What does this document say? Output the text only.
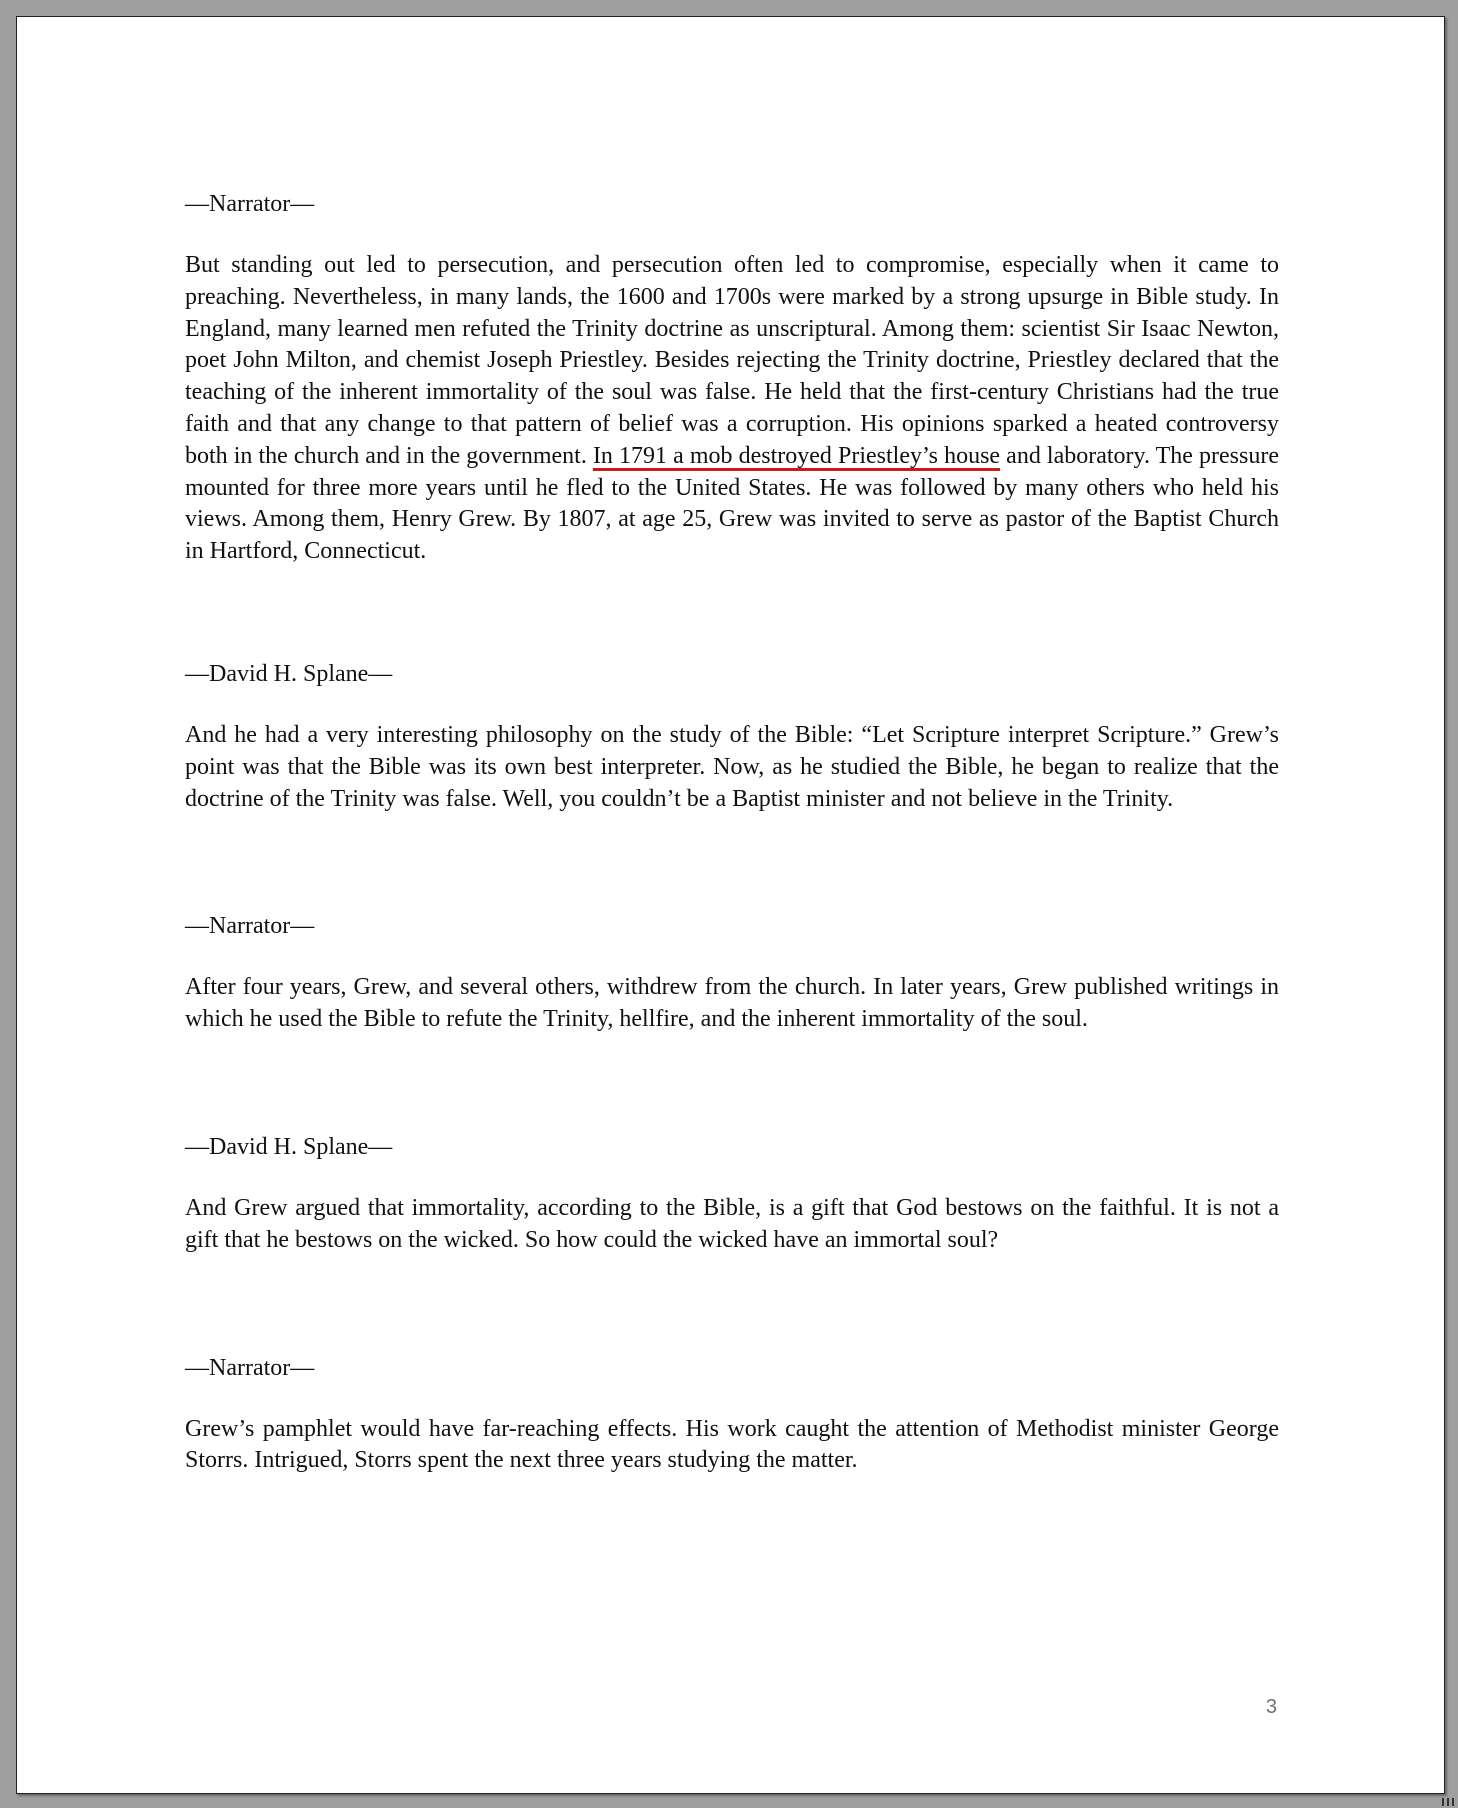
—Narrator—

But standing out led to persecution, and persecution often led to compromise, especially when it came to preaching. Nevertheless, in many lands, the 1600 and 1700s were marked by a strong upsurge in Bible study. In England, many learned men refuted the Trinity doctrine as unscriptural. Among them: scientist Sir Isaac Newton, poet John Milton, and chemist Joseph Priestley. Besides rejecting the Trinity doctrine, Priestley declared that the teaching of the inherent immortality of the soul was false. He held that the first-century Christians had the true faith and that any change to that pattern of belief was a corruption. His opinions sparked a heated controversy both in the church and in the government. In 1791 a mob destroyed Priestley’s house and laboratory. The pressure mounted for three more years until he fled to the United States. He was followed by many others who held his views. Among them, Henry Grew. By 1807, at age 25, Grew was invited to serve as pastor of the Baptist Church in Hartford, Connecticut.

—David H. Splane—

And he had a very interesting philosophy on the study of the Bible: “Let Scripture interpret Scripture.” Grew’s point was that the Bible was its own best interpreter. Now, as he studied the Bible, he began to realize that the doctrine of the Trinity was false. Well, you couldn’t be a Baptist minister and not believe in the Trinity.

—Narrator—

After four years, Grew, and several others, withdrew from the church. In later years, Grew published writings in which he used the Bible to refute the Trinity, hellfire, and the inherent immortality of the soul.

—David H. Splane—

And Grew argued that immortality, according to the Bible, is a gift that God bestows on the faithful. It is not a gift that he bestows on the wicked. So how could the wicked have an immortal soul?

—Narrator—

Grew’s pamphlet would have far-reaching effects. His work caught the attention of Methodist minister George Storrs. Intrigued, Storrs spent the next three years studying the matter.

3
